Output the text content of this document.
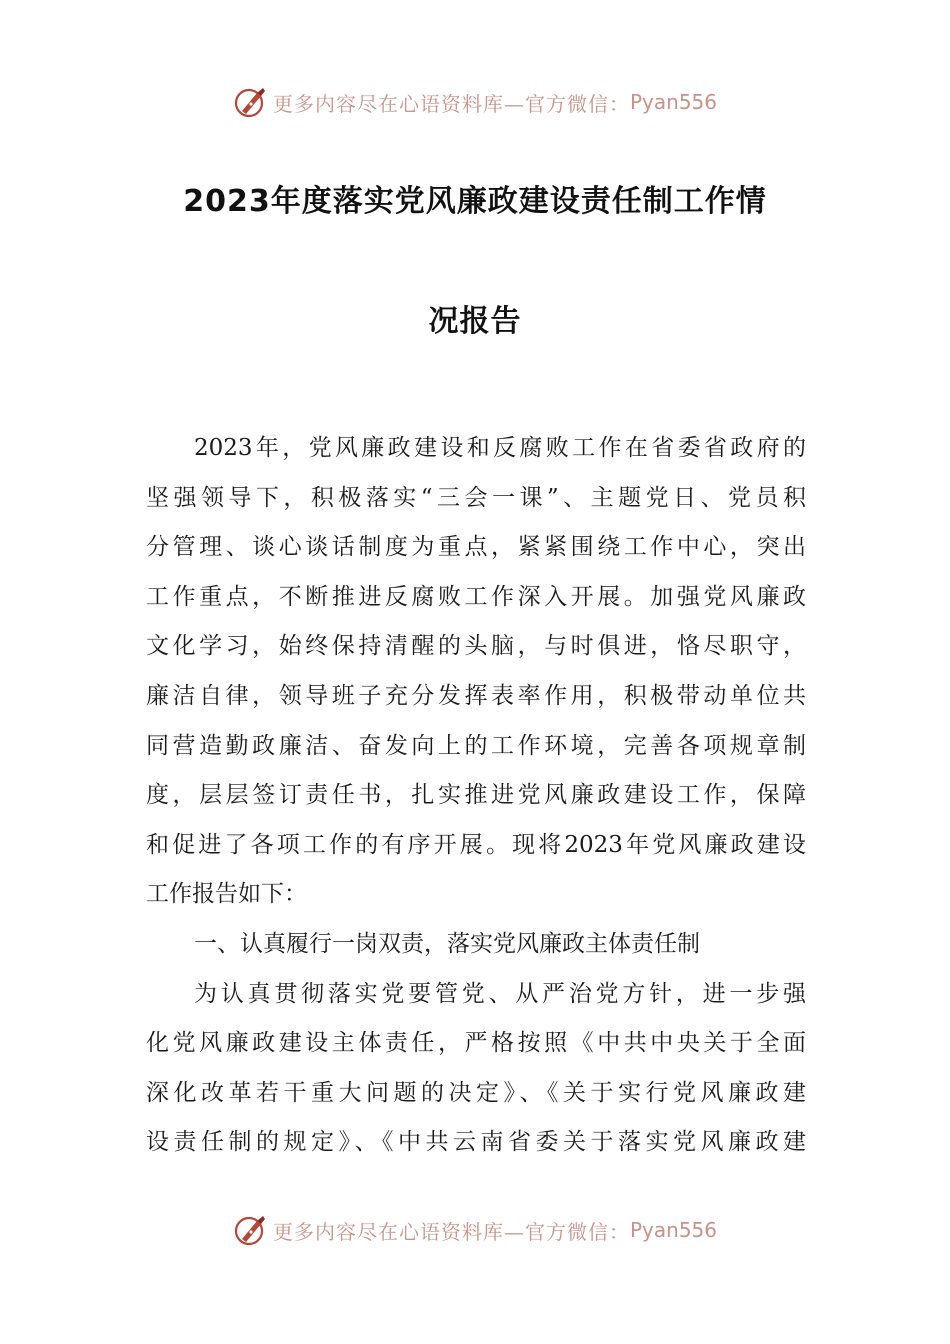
更多内容尽在心语资料库—官方微信： Pyan556
2023年度落实党风廉政建设责任制工作情
况报告
2023年，党风廉政建设和反腐败工作在省委省政府的
坚强领导下，积极落实“三会一课”、主题党日、党员积
分管理、谈心谈话制度为重点，紧紧围绕工作中心，突出
工作重点，不断推进反腐败工作深入开展。加强党风廉政
文化学习，始终保持清醒的头脑，与时俱进，恪尽职守，
廉洁自律，领导班子充分发挥表率作用，积极带动单位共
同营造勤政廉洁、奋发向上的工作环境，完善各项规章制
度，层层签订责任书，扎实推进党风廉政建设工作，保障
和促进了各项工作的有序开展。现将2023年党风廉政建设
工作报告如下：
一、认真履行一岗双责，落实党风廉政主体责任制
为认真贯彻落实党要管党、从严治党方针，进一步强
化党风廉政建设主体责任，严格按照《中共中央关于全面
深化改革若干重大问题的决定》、《关于实行党风廉政建
设责任制的规定》、《中共云南省委关于落实党风廉政建
更多内容尽在心语资料库—官方微信： Pyan556
